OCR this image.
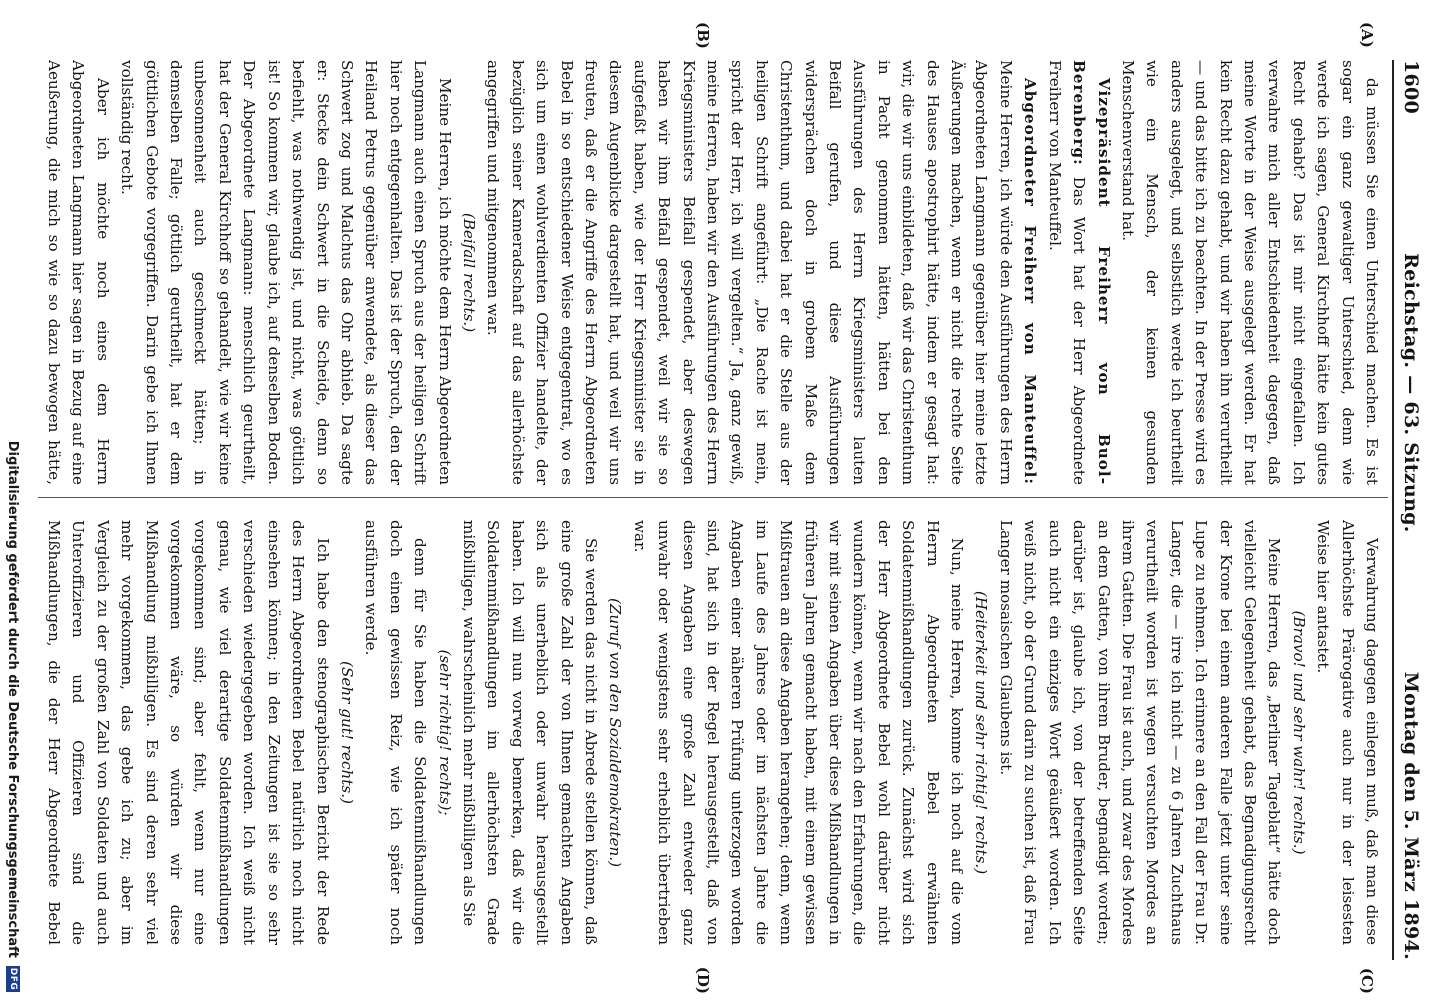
1600
Reichstag. — 63. Sitzung.
Montag den 5. März 1894.
(A)
(B)
(C)
(D)

da müssen Sie einen Unterschied machen. Es ist sogar ein ganz gewaltiger Unterschied, denn wie werde ich sagen, General Kirchhoff hätte kein gutes Recht gehabt? Das ist mir nicht eingefallen. Ich verwahre mich aller Entschiedenheit dagegen, daß meine Worte in der Weise ausgelegt werden. Er hat kein Recht dazu gehabt, und wir haben ihn verurtheilt — und das bitte ich zu beachten. In der Presse wird es anders ausgelegt, und selbstlich werde ich beurtheilt wie ein Mensch, der keinen gesunden Menschenverstand hat.

Vizepräsident Freiherr von Buol-Berenberg: Das Wort hat der Herr Abgeordnete Freiherr von Manteuffel.

Abgeordneter Freiherr von Manteuffel: Meine Herren, ich würde den Ausführungen des Herrn Abgeordneten Langmann gegenüber hier meine letzte Äußerungen machen, wenn er nicht die rechte Seite des Hauses apostrophirt hätte, indem er gesagt hat: wir, die wir uns einbildeten, daß wir das Christenthum in Pacht genommen hätten, hätten bei den Ausführungen des Herrn Kriegsministers lauten Beifall gerufen, und diese Ausführungen widersprächen doch in grobem Maße dem Christenthum, und dabei hat er die Stelle aus der heiligen Schrift angeführt: „Die Rache ist mein, spricht der Herr, ich will vergelten.“ Ja, ganz gewiß, meine Herren, haben wir den Ausführungen des Herrn Kriegsministers Beifall gespendet, aber deswegen haben wir ihm Beifall gespendet, weil wir sie so aufgefaßt haben, wie der Herr Kriegsminister sie in diesem Augenblicke dargestellt hat, und weil wir uns freuten, daß er die Angriffe des Herrn Abgeordneten Bebel in so entschiedener Weise entgegentrat, wo es sich um einen wohlverdienten Offizier handelte, der bezüglich seiner Kameradschaft auf das allerhöchste angegriffen und mitgenommen war.

(Beifall rechts.)

Meine Herren, ich möchte dem Herrn Abgeordneten Langmann auch einen Spruch aus der heiligen Schrift hier noch entgegenhalten. Das ist der Spruch, den der Heiland Petrus gegenüber anwendete, als dieser das Schwert zog und Malchus das Ohr abhieb. Da sagte er: Stecke dein Schwert in die Scheide, denn so befiehlt, was nothwendig ist, und nicht, was göttlich ist! So kommen wir, glaube ich, auf denselben Boden. Der Abgeordnete Langmann: menschlich geurtheilt, hat der General Kirchhoff so gehandelt, wie wir keine unbesonnenheit auch geschmeckt hätten; in demselben Falle; göttlich geurtheilt, hat er dem göttlichen Gebote vorgegriffen. Darin gebe ich Ihnen vollständig recht.

Aber ich möchte noch eines dem Herrn Abgeordneten Langmann hier sagen in Bezug auf eine Aeußerung, die mich so wie so dazu bewogen hätte,

Verwahrung dagegen einlegen muß, daß man diese Allerhöchste Prärogative auch nur in der leisesten Weise hier antastet.

(Bravo! und sehr wahr! rechts.)

Meine Herren, das „Berliner Tageblatt“ hätte doch vielleicht Gelegenheit gehabt, das Begnadigungsrecht der Krone bei einem anderen Falle jetzt unter seine Lupe zu nehmen. Ich erinnere an den Fall der Frau Dr. Langer, die — irre ich nicht — zu 6 Jahren Zuchthaus verurtheilt worden ist wegen versuchten Mordes an ihrem Gatten. Die Frau ist auch, und zwar des Mordes an dem Gatten, von ihrem Bruder, begnadigt worden; darüber ist, glaube ich, von der betreffenden Seite auch nicht ein einziges Wort geäußert worden. Ich weiß nicht, ob der Grund darin zu suchen ist, daß Frau Langer mosaischen Glaubens ist.

(Heiterkeit und sehr richtig! rechts.)

Nun, meine Herren, komme ich noch auf die vom Herrn Abgeordneten Bebel erwähnten Soldatenmißhandlungen zurück. Zunächst wird sich der Herr Abgeordnete Bebel wohl darüber nicht wundern können, wenn wir nach den Erfahrungen, die wir mit seinen Angaben über diese Mißhandlungen in früheren Jahren gemacht haben, mit einem gewissen Mißtrauen an diese Angaben herangehen; denn, wenn im Laufe des Jahres oder im nächsten Jahre die Angaben einer näheren Prüfung unterzogen worden sind, hat sich in der Regel herausgestellt, daß von diesen Angaben eine große Zahl entweder ganz unwahr oder wenigstens sehr erheblich übertrieben war.

(Zuruf von den Sozialdemokraten.)

Sie werden das nicht in Abrede stellen können, daß eine große Zahl der von Ihnen gemachten Angaben sich als unerheblich oder unwahr herausgestellt haben. Ich will nun vorweg bemerken, daß wir die Soldatenmißhandlungen im allerhöchsten Grade mißbilligen, wahrscheinlich mehr mißbilligen als Sie

(sehr richtig! rechts);

denn für Sie haben die Soldatenmißhandlungen doch einen gewissen Reiz, wie ich später noch ausführen werde.

(Sehr gut! rechts.)

Ich habe den stenographischen Bericht der Rede des Herrn Abgeordneten Bebel natürlich noch nicht einsehen können; in den Zeitungen ist sie so sehr verschieden wiedergegeben worden. Ich weiß nicht genau, wie viel derartige Soldatenmißhandlungen vorgekommen sind; aber fehlt, wenn nur eine vorgekommen wäre, so würden wir diese Mißhandlung mißbilligen. Es sind deren sehr viel mehr vorgekommen, das gebe ich zu; aber im Vergleich zu der großen Zahl von Soldaten und auch Unteroffizieren und Offizieren sind die Mißhandlungen, die der Herr Abgeordnete Bebel

Digitalisierung gefördert durch die Deutsche Forschungsgemeinschaft
DFG
